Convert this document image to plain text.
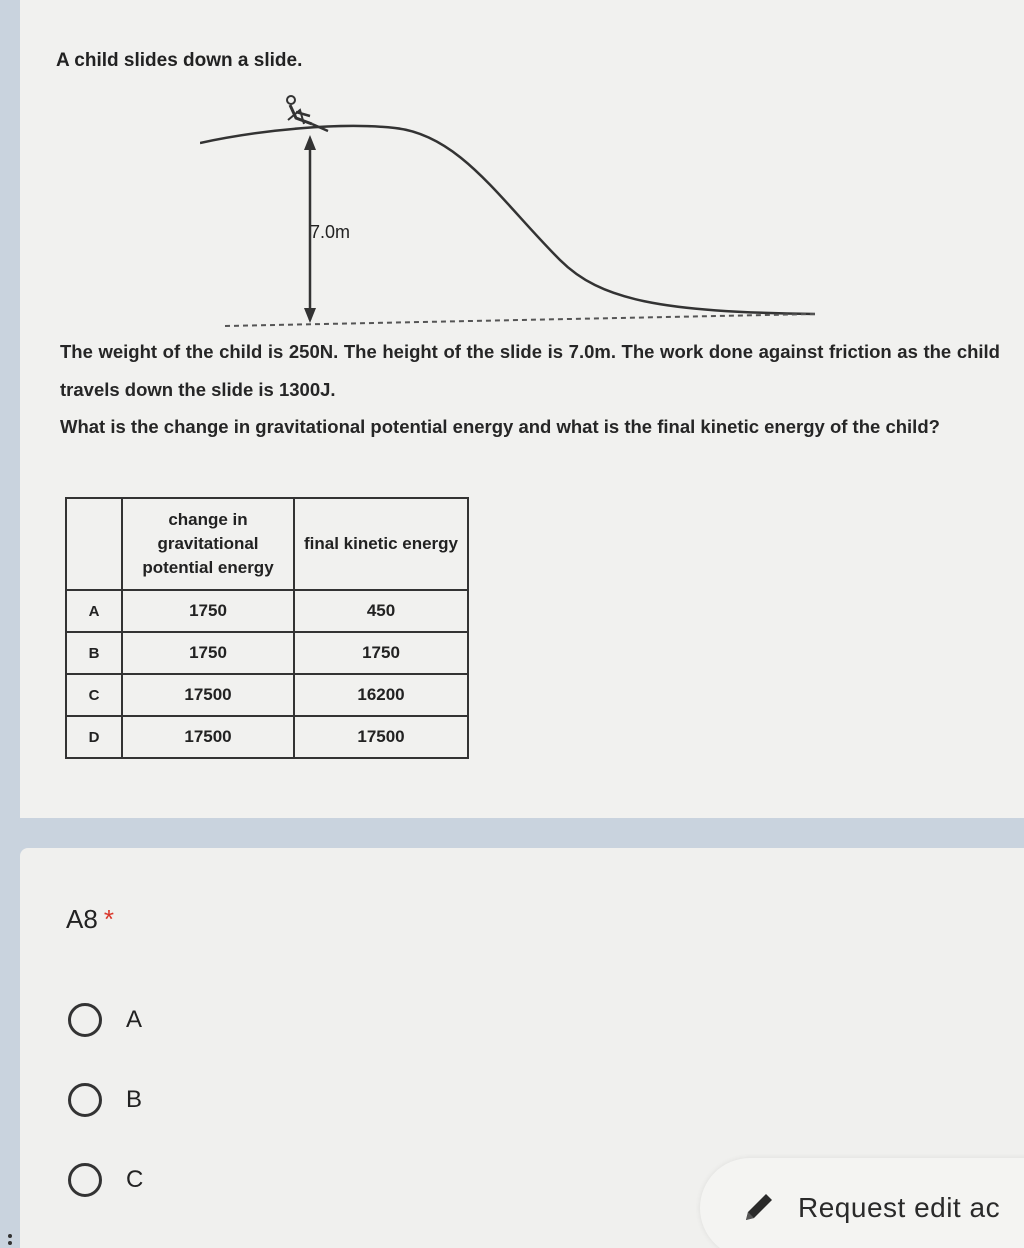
A child slides down a slide.
7.0m
The weight of the child is 250N. The height of the slide is 7.0m. The work done against friction as the child travels down the slide is 1300J.
What is the change in gravitational potential energy and what is the final kinetic energy of the child?
	change in gravitational potential energy	final kinetic energy
A	1750	450
B	1750	1750
C	17500	16200
D	17500	17500
A8 *
A
B
C
Request edit ac
